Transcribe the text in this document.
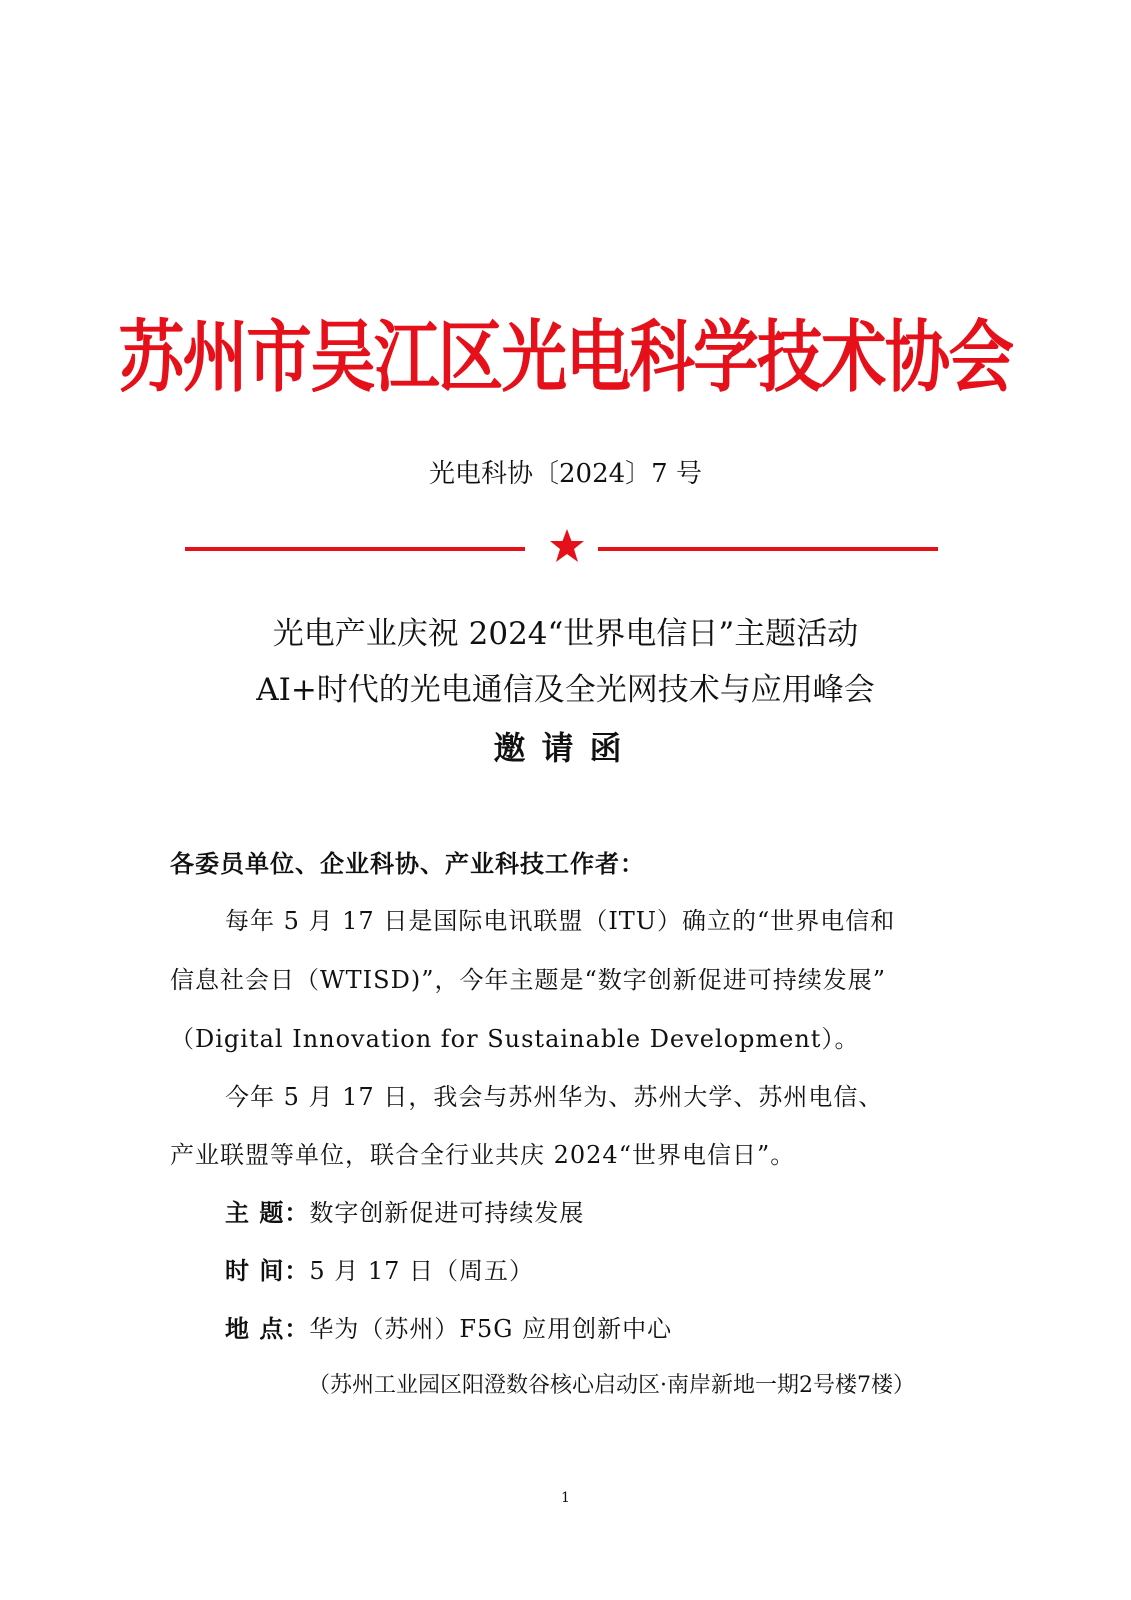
苏州市吴江区光电科学技术协会
光电科协〔2024〕7 号
光电产业庆祝 2024“世界电信日”主题活动
AI+时代的光电通信及全光网技术与应用峰会
邀请函
各委员单位、企业科协、产业科技工作者：
每年 5 月 17 日是国际电讯联盟（ITU）确立的“世界电信和
信息社会日（WTISD)”，今年主题是“数字创新促进可持续发展”
（Digital Innovation for Sustainable Development）。
今年 5 月 17 日，我会与苏州华为、苏州大学、苏州电信、
产业联盟等单位，联合全行业共庆 2024“世界电信日”。
主 题：数字创新促进可持续发展
时 间：5 月 17 日（周五）
地 点：华为（苏州）F5G 应用创新中心
（苏州工业园区阳澄数谷核心启动区·南岸新地一期2号楼7楼）
1
